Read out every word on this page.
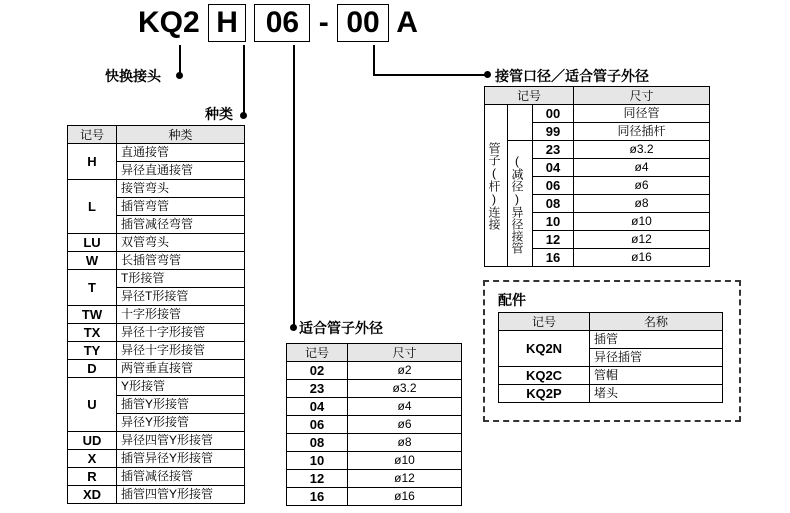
KQ2 H 06 - 00 A
快换接头
种类
适合管子外径
接管口径／适合管子外径
记号	种类
H	直通接管
	异径直通接管
L	接管弯头
	插管弯管
	插管减径弯管
LU	双管弯头
W	长插管弯管
T	T形接管
	异径T形接管
TW	十字形接管
TX	异径十字形接管
TY	异径十字形接管
D	两管垂直接管
U	Y形接管
	插管Y形接管
	异径Y形接管
UD	异径四管Y形接管
X	插管异径Y形接管
R	插管减径接管
XD	插管四管Y形接管
记号	尺寸
02	ø2
23	ø3.2
04	ø4
06	ø6
08	ø8
10	ø10
12	ø12
16	ø16
记号			尺寸

管子(杆)连接		00	同径管
		99	同径插杆

	(减径)异径接管	23	ø3.2
		04	ø4
		06	ø6
		08	ø8
		10	ø10
		12	ø12
		16	ø16
配件
记号	名称
KQ2N	插管
	异径插管
KQ2C	管帽
KQ2P	堵头
